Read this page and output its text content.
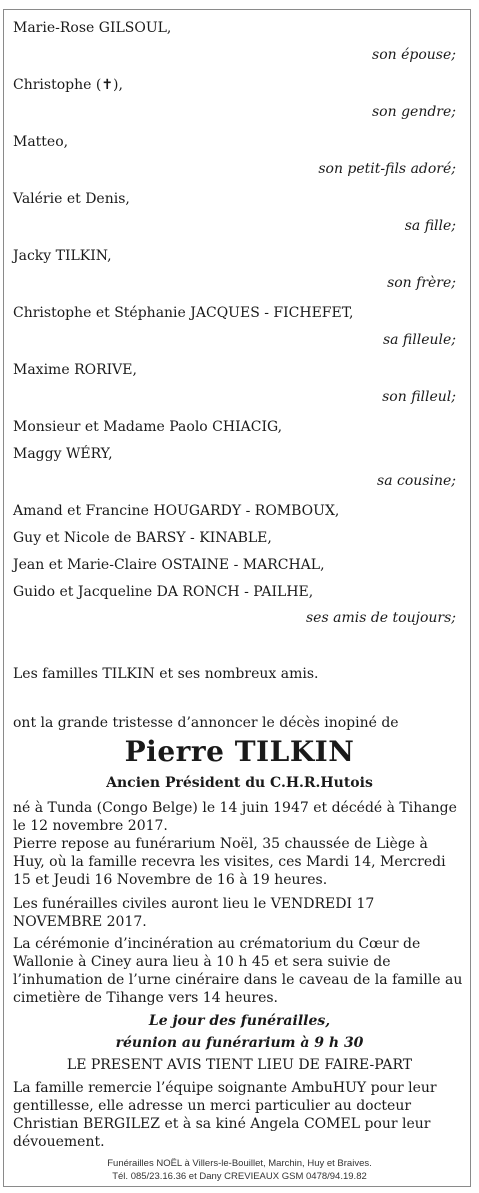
Marie-Rose GILSOUL,
son épouse;
Christophe (✝),
son gendre;
Matteo,
son petit-fils adoré;
Valérie et Denis,
sa fille;
Jacky TILKIN,
son frère;
Christophe et Stéphanie JACQUES - FICHEFET,
sa filleule;
Maxime RORIVE,
son filleul;
Monsieur et Madame Paolo CHIACIG,
Maggy WÉRY,
sa cousine;
Amand et Francine HOUGARDY - ROMBOUX,
Guy et Nicole de BARSY - KINABLE,
Jean et Marie-Claire OSTAINE - MARCHAL,
Guido et Jacqueline DA RONCH - PAILHE,
ses amis de toujours;
Les familles TILKIN et ses nombreux amis.
ont la grande tristesse d’annoncer le décès inopiné de
Pierre TILKIN
Ancien Président du C.H.R.Hutois
né à Tunda (Congo Belge) le 14 juin 1947 et décédé à Tihange le 12 novembre 2017.
Pierre repose au funérarium Noël, 35 chaussée de Liège à Huy, où la famille recevra les visites, ces Mardi 14, Mercredi 15 et Jeudi 16 Novembre de 16 à 19 heures.
Les funérailles civiles auront lieu le VENDREDI 17 NOVEMBRE 2017.
La cérémonie d’incinération au crématorium du Cœur de Wallonie à Ciney aura lieu à 10 h 45 et sera suivie de l’inhumation de l’urne cinéraire dans le caveau de la famille au cimetière de Tihange vers 14 heures.
Le jour des funérailles,
réunion au funérarium à 9 h 30
LE PRESENT AVIS TIENT LIEU DE FAIRE-PART
La famille remercie l’équipe soignante AmbuHUY pour leur gentillesse, elle adresse un merci particulier au docteur Christian BERGILEZ et à sa kiné Angela COMEL pour leur dévouement.
Funérailles NOËL à Villers-le-Bouillet, Marchin, Huy et Braives.
Tél. 085/23.16.36 et Dany CREVIEAUX GSM 0478/94.19.82
